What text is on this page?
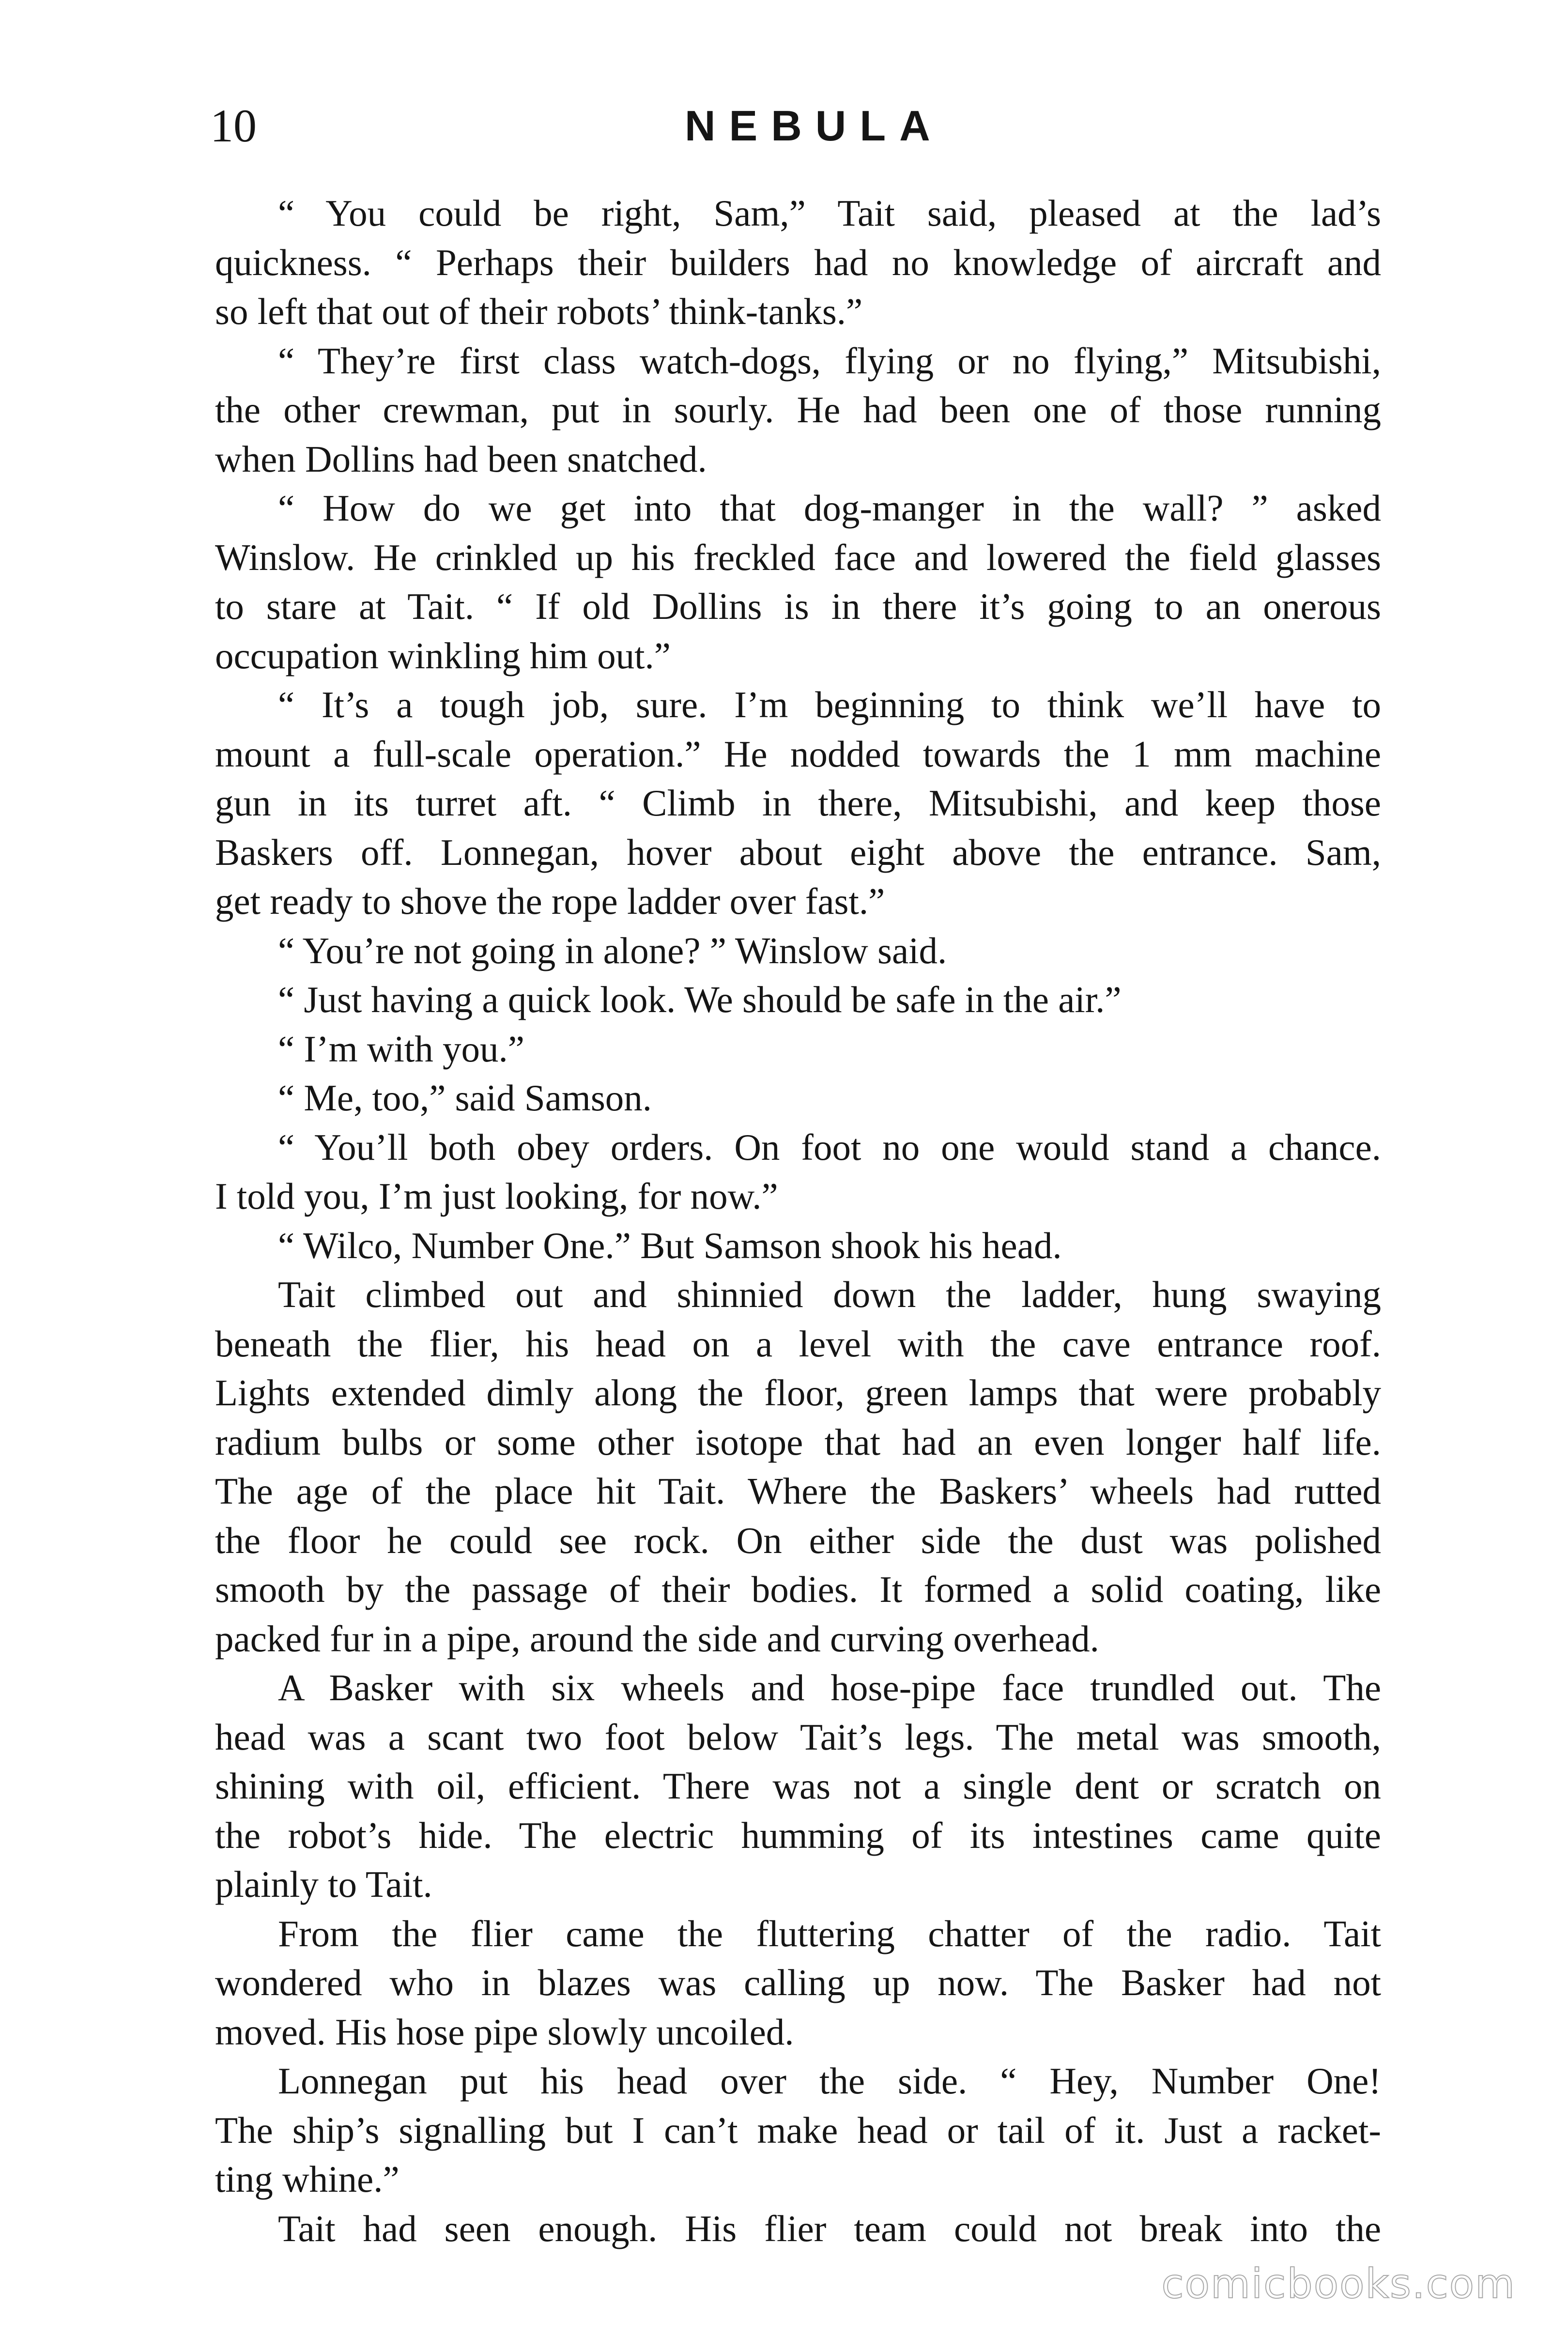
10	NEBULA
“ You could be right, Sam,” Tait said, pleased at the lad’s
quickness. “ Perhaps their builders had no knowledge of aircraft and
so left that out of their robots’ think-tanks.”
“ They’re first class watch-dogs, flying or no flying,” Mitsubishi,
the other crewman, put in sourly. He had been one of those running
when Dollins had been snatched.
“ How do we get into that dog-manger in the wall? ” asked
Winslow. He crinkled up his freckled face and lowered the field glasses
to stare at Tait. “ If old Dollins is in there it’s going to an onerous
occupation winkling him out.”
“ It’s a tough job, sure. I’m beginning to think we’ll have to
mount a full-scale operation.” He nodded towards the 1 mm machine
gun in its turret aft. “ Climb in there, Mitsubishi, and keep those
Baskers off. Lonnegan, hover about eight above the entrance. Sam,
get ready to shove the rope ladder over fast.”
“ You’re not going in alone? ” Winslow said.
“ Just having a quick look. We should be safe in the air.”
“ I’m with you.”
“ Me, too,” said Samson.
“ You’ll both obey orders. On foot no one would stand a chance.
I told you, I’m just looking, for now.”
“ Wilco, Number One.” But Samson shook his head.
Tait climbed out and shinnied down the ladder, hung swaying
beneath the flier, his head on a level with the cave entrance roof.
Lights extended dimly along the floor, green lamps that were probably
radium bulbs or some other isotope that had an even longer half life.
The age of the place hit Tait. Where the Baskers’ wheels had rutted
the floor he could see rock. On either side the dust was polished
smooth by the passage of their bodies. It formed a solid coating, like
packed fur in a pipe, around the side and curving overhead.
A Basker with six wheels and hose-pipe face trundled out. The
head was a scant two foot below Tait’s legs. The metal was smooth,
shining with oil, efficient. There was not a single dent or scratch on
the robot’s hide. The electric humming of its intestines came quite
plainly to Tait.
From the flier came the fluttering chatter of the radio. Tait
wondered who in blazes was calling up now. The Basker had not
moved. His hose pipe slowly uncoiled.
Lonnegan put his head over the side. “ Hey, Number One!
The ship’s signalling but I can’t make head or tail of it. Just a racket-
ting whine.”
Tait had seen enough. His flier team could not break into the
comicbooks.com
